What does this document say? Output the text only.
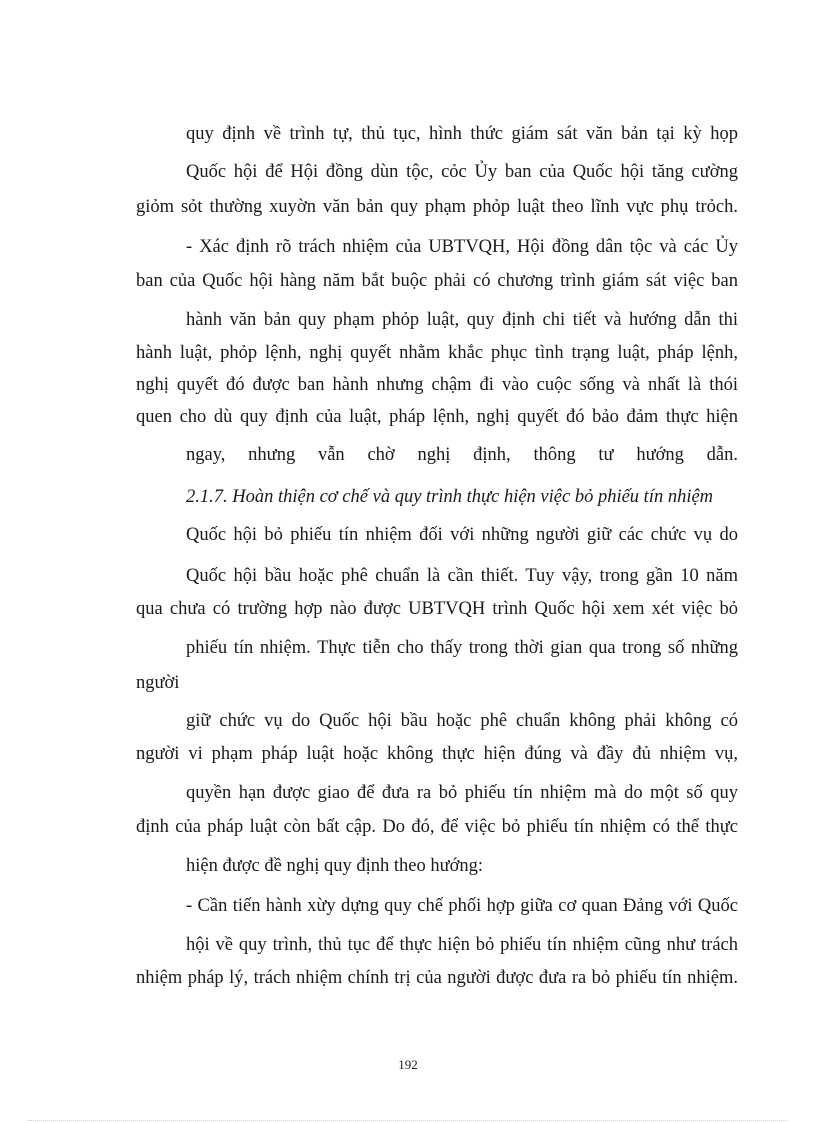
quy định về trình tự, thủ tục, hình thức giám sát văn bản tại kỳ họp
Quốc hội để Hội đồng dùn tộc, cỏc Ủy ban của Quốc hội tăng cường
giỏm sỏt thường xuyờn văn bản quy phạm phỏp luật theo lĩnh vực phụ trỏch.
- Xác định rõ trách nhiệm của UBTVQH, Hội đồng dân tộc và các Ủy
ban của Quốc hội hàng năm bắt buộc phải có chương trình giám sát việc ban
hành văn bản quy phạm phỏp luật, quy định chi tiết và hướng dẫn thi
hành luật, phỏp lệnh, nghị quyết nhằm khắc phục tình trạng luật, pháp lệnh,
nghị quyết đó được ban hành nhưng chậm đi vào cuộc sống và nhất là thói
quen cho dù quy định của luật, pháp lệnh, nghị quyết đó bảo đảm thực hiện
ngay, nhưng vẫn chờ nghị định, thông tư hướng dẫn.
2.1.7. Hoàn thiện cơ chế và quy trình thực hiện việc bỏ phiếu tín nhiệm
Quốc hội bỏ phiếu tín nhiệm đối với những người giữ các chức vụ do
Quốc hội bầu hoặc phê chuẩn là cần thiết. Tuy vậy, trong gần 10 năm
qua chưa có trường hợp nào được UBTVQH trình Quốc hội xem xét việc bỏ
phiếu tín nhiệm. Thực tiễn cho thấy trong thời gian qua trong số những
người
giữ chức vụ do Quốc hội bầu hoặc phê chuẩn không phải không có
người vi phạm pháp luật hoặc không thực hiện đúng và đầy đủ nhiệm vụ,
quyền hạn được giao để đưa ra bỏ phiếu tín nhiệm mà do một số quy
định của pháp luật còn bất cập. Do đó, để việc bỏ phiếu tín nhiệm có thể thực
hiện được đề nghị quy định theo hướng:
- Cần tiến hành xừy dựng quy chế phối hợp giữa cơ quan Đảng với Quốc
hội về quy trình, thủ tục để thực hiện bỏ phiếu tín nhiệm cũng như trách
nhiệm pháp lý, trách nhiệm chính trị của người được đưa ra bỏ phiếu tín nhiệm.
192
